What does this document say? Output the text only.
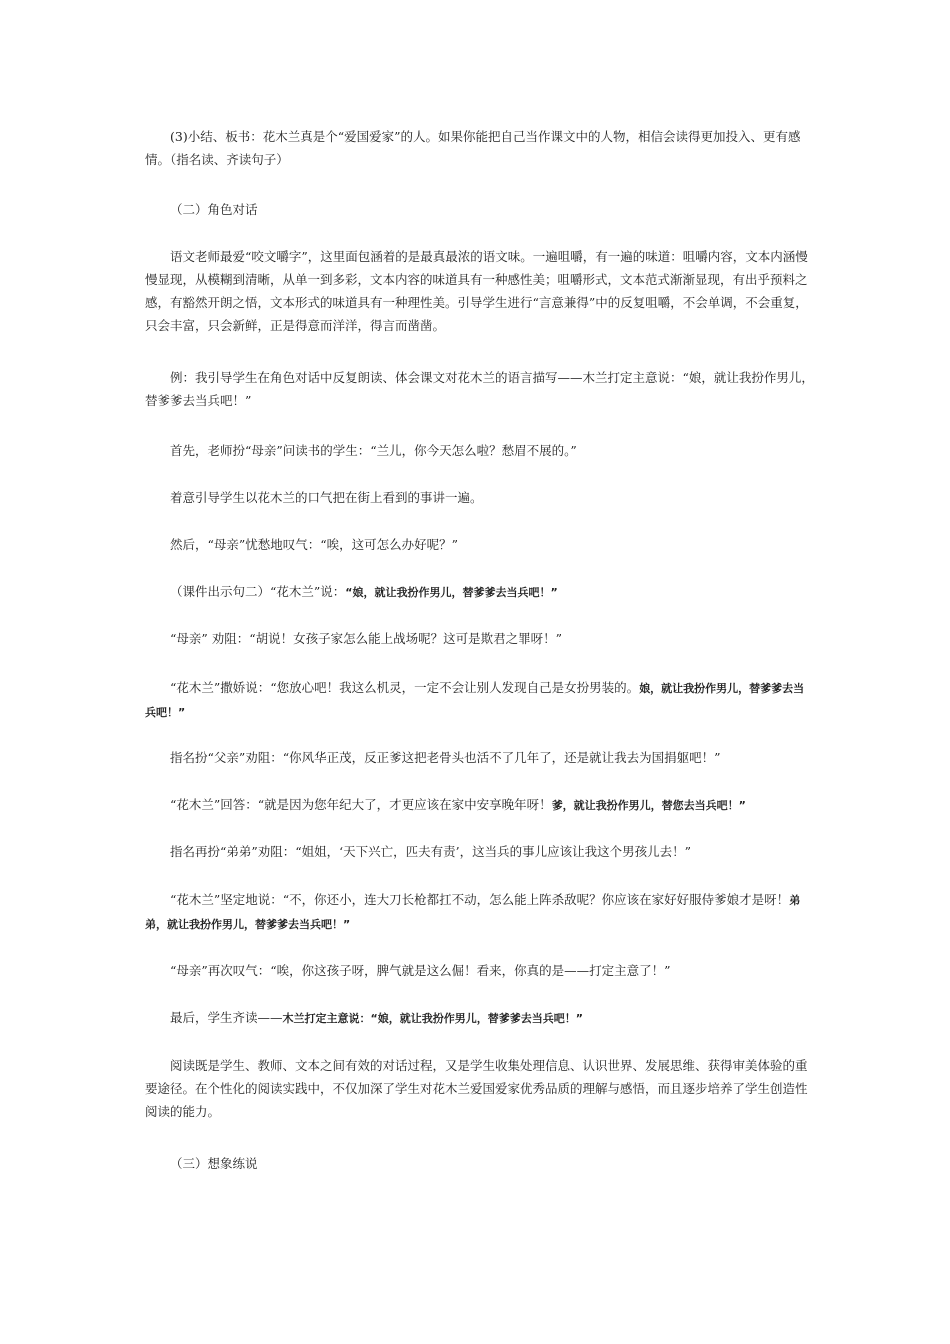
(3)小结、板书：花木兰真是个“爱国爱家”的人。如果你能把自己当作课文中的人物，相信会读得更加投入、更有感情。（指名读、齐读句子）

（二）角色对话

语文老师最爱“咬文嚼字”，这里面包涵着的是最真最浓的语文味。一遍咀嚼，有一遍的味道：咀嚼内容，文本内涵慢慢显现，从模糊到清晰，从单一到多彩，文本内容的味道具有一种感性美；咀嚼形式，文本范式渐渐显现，有出乎预料之感，有豁然开朗之悟，文本形式的味道具有一种理性美。引导学生进行“言意兼得”中的反复咀嚼，不会单调，不会重复，只会丰富，只会新鲜，正是得意而洋洋，得言而凿凿。

例：我引导学生在角色对话中反复朗读、体会课文对花木兰的语言描写——木兰打定主意说：“娘，就让我扮作男儿，替爹爹去当兵吧！”

首先，老师扮“母亲”问读书的学生：“兰儿，你今天怎么啦？愁眉不展的。”

着意引导学生以花木兰的口气把在街上看到的事讲一遍。

然后，“母亲”忧愁地叹气：“唉，这可怎么办好呢？”

（课件出示句二）“花木兰”说：“娘，就让我扮作男儿，替爹爹去当兵吧！”

“母亲” 劝阻：“胡说！女孩子家怎么能上战场呢？这可是欺君之罪呀！”

“花木兰”撒娇说：“您放心吧！我这么机灵，一定不会让别人发现自己是女扮男装的。娘，就让我扮作男儿，替爹爹去当兵吧！”

指名扮“父亲”劝阻：“你风华正茂，反正爹这把老骨头也活不了几年了，还是就让我去为国捐躯吧！”

“花木兰”回答：“就是因为您年纪大了，才更应该在家中安享晚年呀！爹，就让我扮作男儿，替您去当兵吧！”

指名再扮“弟弟”劝阻：“姐姐，‘天下兴亡，匹夫有责’，这当兵的事儿应该让我这个男孩儿去！”

“花木兰”坚定地说：“不，你还小，连大刀长枪都扛不动，怎么能上阵杀敌呢？你应该在家好好服侍爹娘才是呀！弟弟，就让我扮作男儿，替爹爹去当兵吧！”

“母亲”再次叹气：“唉，你这孩子呀，脾气就是这么倔！看来，你真的是——打定主意了！”

最后，学生齐读——木兰打定主意说：“娘，就让我扮作男儿，替爹爹去当兵吧！”

阅读既是学生、教师、文本之间有效的对话过程，又是学生收集处理信息、认识世界、发展思维、获得审美体验的重要途径。在个性化的阅读实践中，不仅加深了学生对花木兰爱国爱家优秀品质的理解与感悟，而且逐步培养了学生创造性阅读的能力。

（三）想象练说
